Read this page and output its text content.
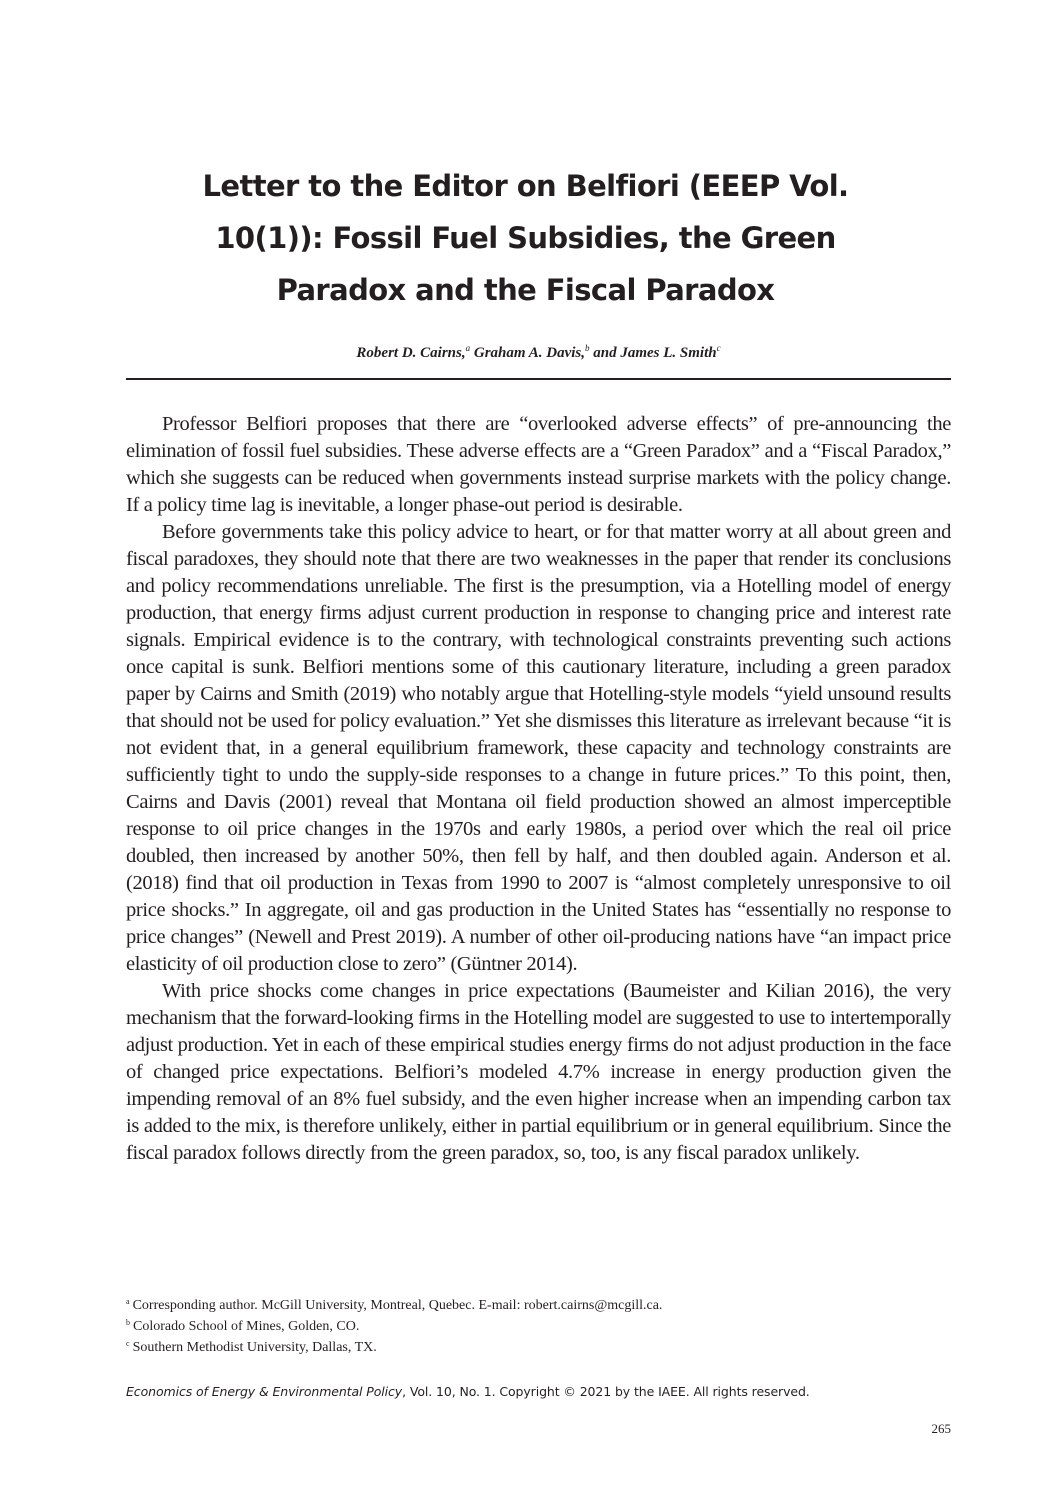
Letter to the Editor on Belfiori (EEEP Vol. 10(1)): Fossil Fuel Subsidies, the Green Paradox and the Fiscal Paradox
Robert D. Cairns,$^a$ Graham A. Davis,$^b$ and James L. Smith$^c$

Professor Belfiori proposes that there are “overlooked adverse effects” of pre-announcing the elimination of fossil fuel subsidies. These adverse effects are a “Green Paradox” and a “Fiscal Paradox,” which she suggests can be reduced when governments instead surprise markets with the policy change. If a policy time lag is inevitable, a longer phase-out period is desirable.

Before governments take this policy advice to heart, or for that matter worry at all about green and fiscal paradoxes, they should note that there are two weaknesses in the paper that render its conclusions and policy recommendations unreliable. The first is the presumption, via a Hotelling model of energy production, that energy firms adjust current production in response to changing price and interest rate signals. Empirical evidence is to the contrary, with technological constraints preventing such actions once capital is sunk. Belfiori mentions some of this cautionary literature, including a green paradox paper by Cairns and Smith (2019) who notably argue that Hotelling-style models “yield unsound results that should not be used for policy evaluation.” Yet she dismisses this literature as irrelevant because “it is not evident that, in a general equilibrium framework, these capacity and technology constraints are sufficiently tight to undo the supply-side responses to a change in future prices.” To this point, then, Cairns and Davis (2001) reveal that Montana oil field production showed an almost imperceptible response to oil price changes in the 1970s and early 1980s, a period over which the real oil price doubled, then increased by another 50%, then fell by half, and then doubled again. Anderson et al. (2018) find that oil production in Texas from 1990 to 2007 is “almost completely unresponsive to oil price shocks.” In aggregate, oil and gas production in the United States has “essentially no response to price changes” (Newell and Prest 2019). A number of other oil-producing nations have “an impact price elasticity of oil production close to zero” (Güntner 2014).

With price shocks come changes in price expectations (Baumeister and Kilian 2016), the very mechanism that the forward-looking firms in the Hotelling model are suggested to use to intertemporally adjust production. Yet in each of these empirical studies energy firms do not adjust production in the face of changed price expectations. Belfiori’s modeled 4.7% increase in energy production given the impending removal of an 8% fuel subsidy, and the even higher increase when an impending carbon tax is added to the mix, is therefore unlikely, either in partial equilibrium or in general equilibrium. Since the fiscal paradox follows directly from the green paradox, so, too, is any fiscal paradox unlikely.

$^a$ Corresponding author. McGill University, Montreal, Quebec. E-mail: robert.cairns@mcgill.ca.
$^b$ Colorado School of Mines, Golden, CO.
$^c$ Southern Methodist University, Dallas, TX.
Economics of Energy & Environmental Policy, Vol. 10, No. 1. Copyright © 2021 by the IAEE. All rights reserved.
265
